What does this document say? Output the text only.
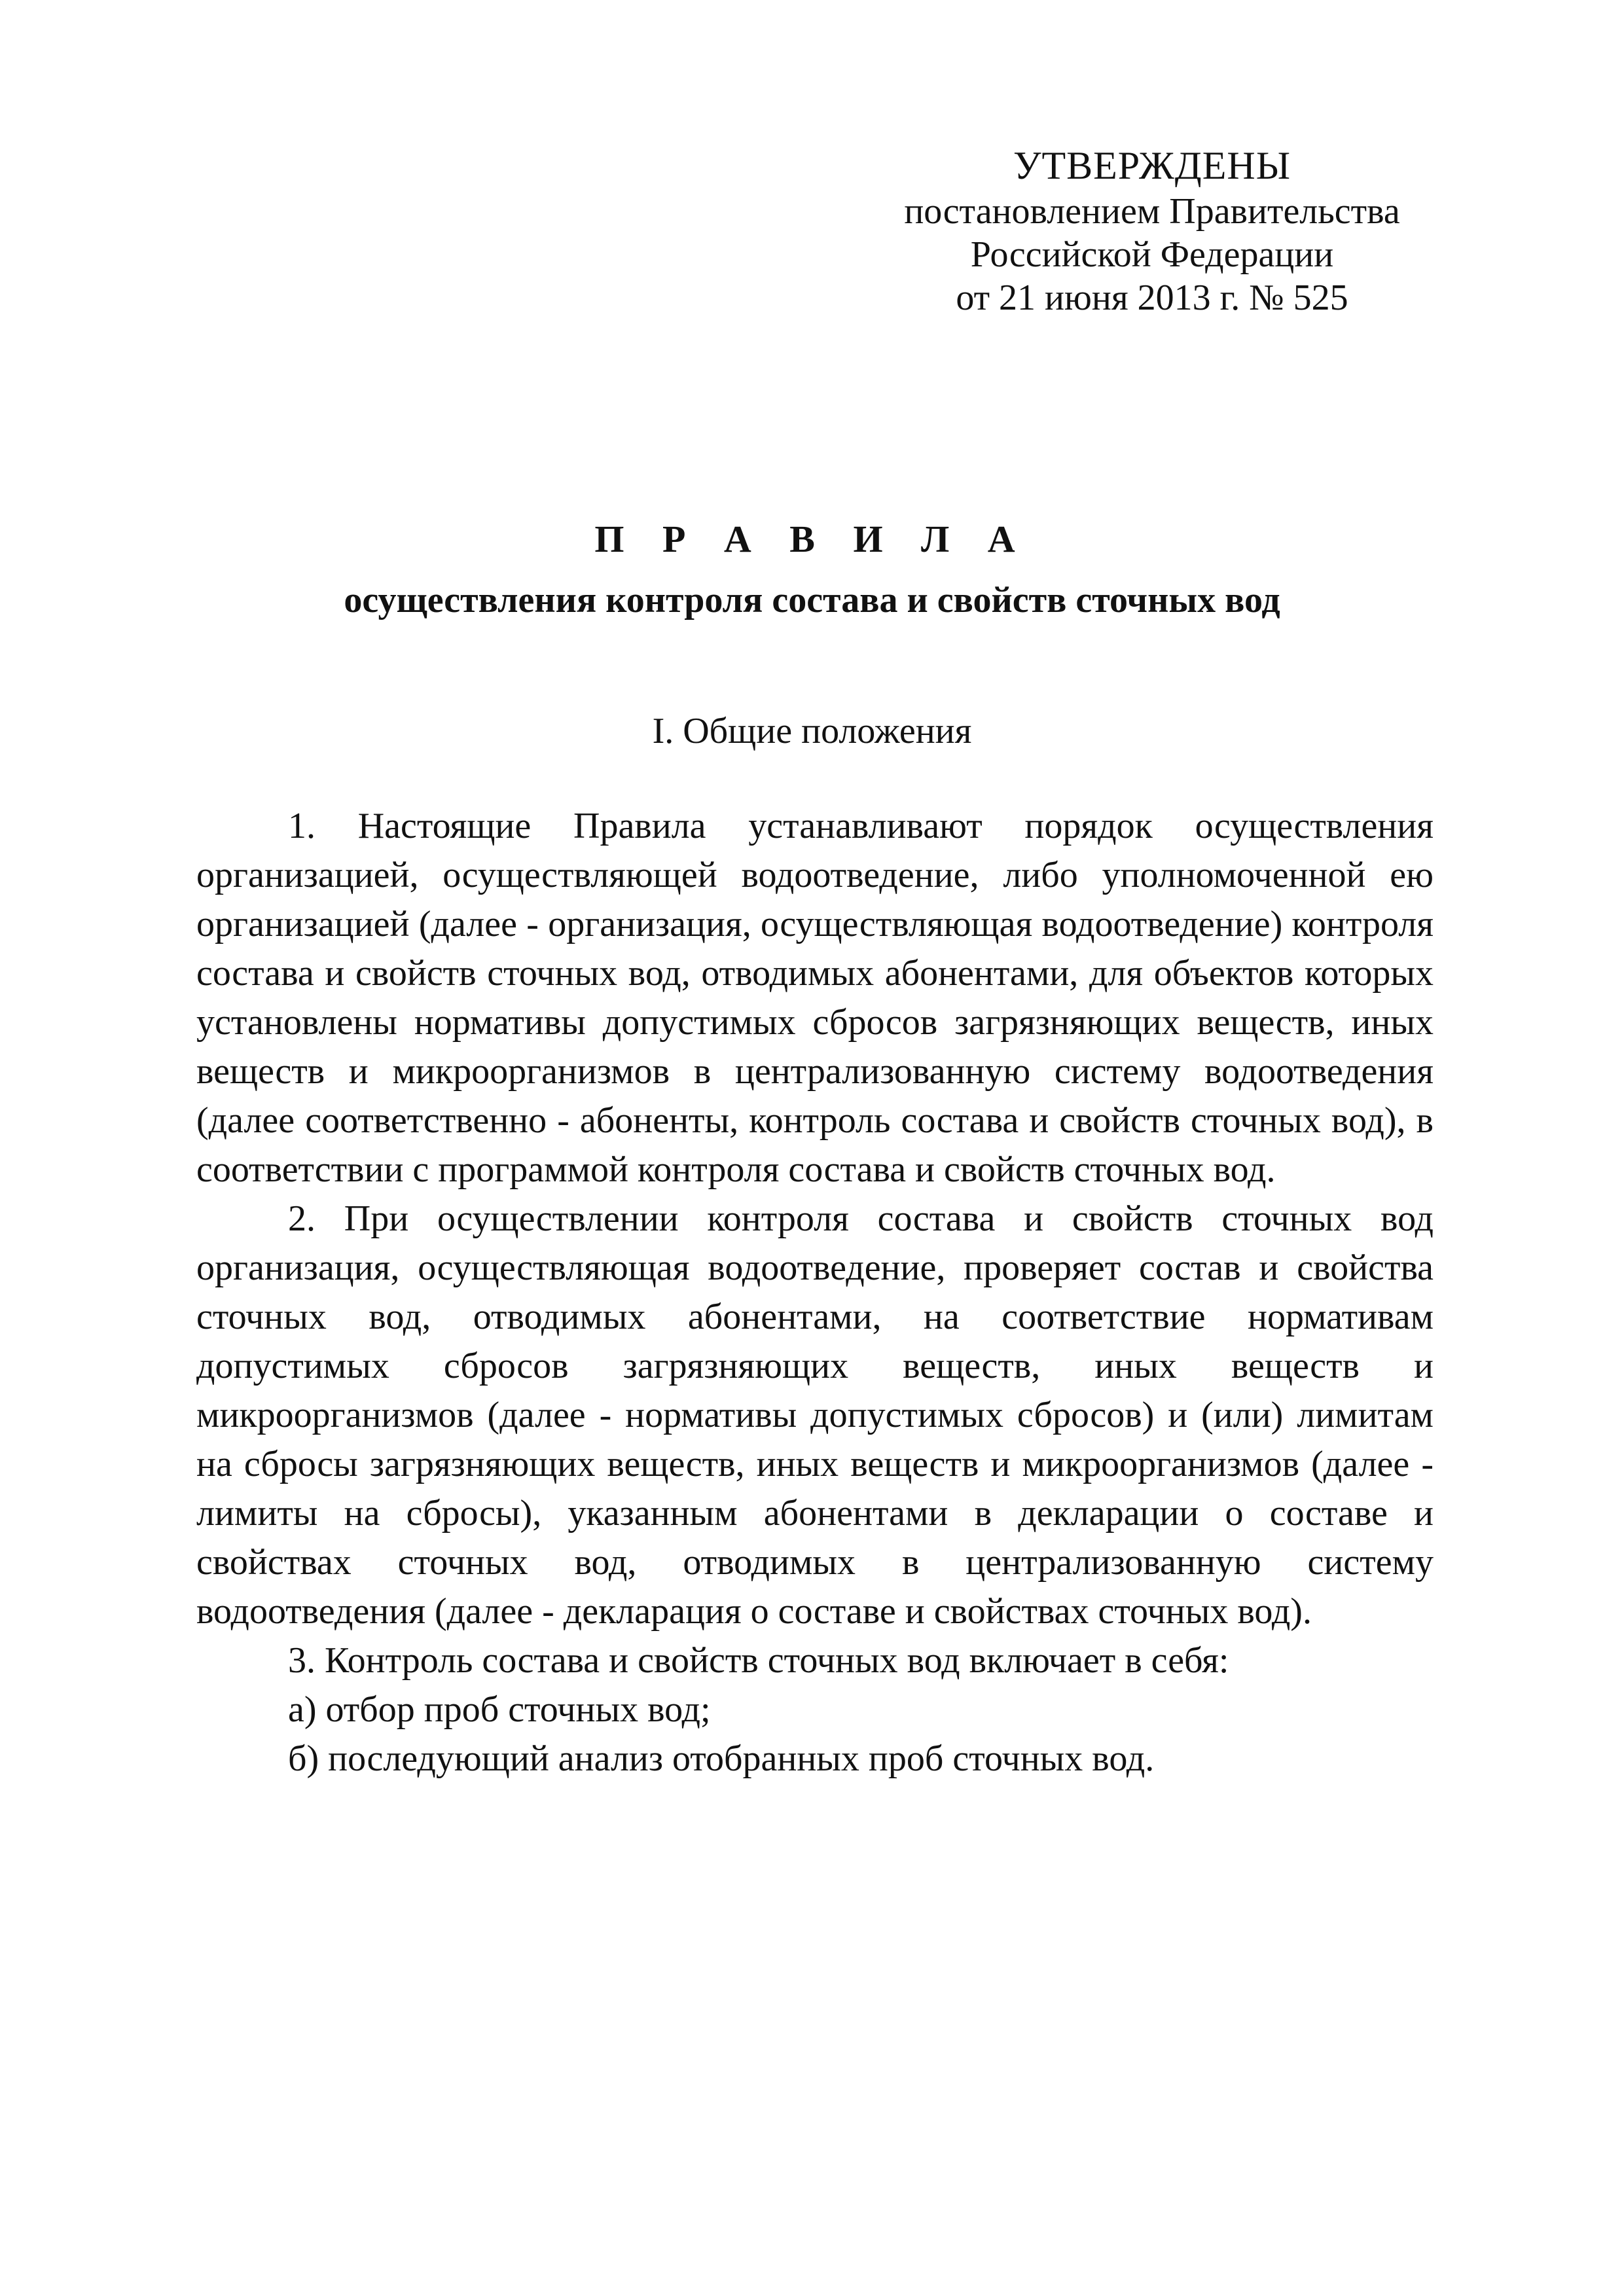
УТВЕРЖДЕНЫ
постановлением Правительства
Российской Федерации
от 21 июня 2013 г. № 525
П Р А В И Л А
осуществления контроля состава и свойств сточных вод
I. Общие положения

1. Настоящие Правила устанавливают порядок осуществления организацией, осуществляющей водоотведение, либо уполномоченной ею организацией (далее - организация, осуществляющая водоотведение) контроля состава и свойств сточных вод, отводимых абонентами, для объектов которых установлены нормативы допустимых сбросов загрязняющих веществ, иных веществ и микроорганизмов в централизованную систему водоотведения (далее соответственно - абоненты, контроль состава и свойств сточных вод), в соответствии с программой контроля состава и свойств сточных вод.

2. При осуществлении контроля состава и свойств сточных вод организация, осуществляющая водоотведение, проверяет состав и свойства сточных вод, отводимых абонентами, на соответствие нормативам допустимых сбросов загрязняющих веществ, иных веществ и микроорганизмов (далее - нормативы допустимых сбросов) и (или) лимитам на сбросы загрязняющих веществ, иных веществ и микроорганизмов (далее - лимиты на сбросы), указанным абонентами в декларации о составе и свойствах сточных вод, отводимых в централизованную систему водоотведения (далее - декларация о составе и свойствах сточных вод).

3. Контроль состава и свойств сточных вод включает в себя:

а) отбор проб сточных вод;

б) последующий анализ отобранных проб сточных вод.
